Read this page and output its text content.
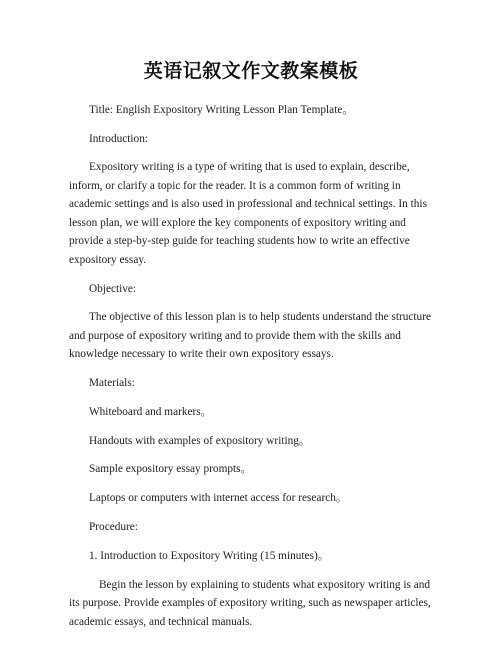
英语记叙文作文教案模板

Title: English Expository Writing Lesson Plan Template。

Introduction:

Expository writing is a type of writing that is used to explain, describe, inform, or clarify a topic for the reader. It is a common form of writing in academic settings and is also used in professional and technical settings. In this lesson plan, we will explore the key components of expository writing and provide a step-by-step guide for teaching students how to write an effective expository essay.

Objective:

The objective of this lesson plan is to help students understand the structure and purpose of expository writing and to provide them with the skills and knowledge necessary to write their own expository essays.

Materials:

Whiteboard and markers。

Handouts with examples of expository writing。

Sample expository essay prompts。

Laptops or computers with internet access for research。

Procedure:

1. Introduction to Expository Writing (15 minutes)。

Begin the lesson by explaining to students what expository writing is and its purpose. Provide examples of expository writing, such as newspaper articles, academic essays, and technical manuals.
